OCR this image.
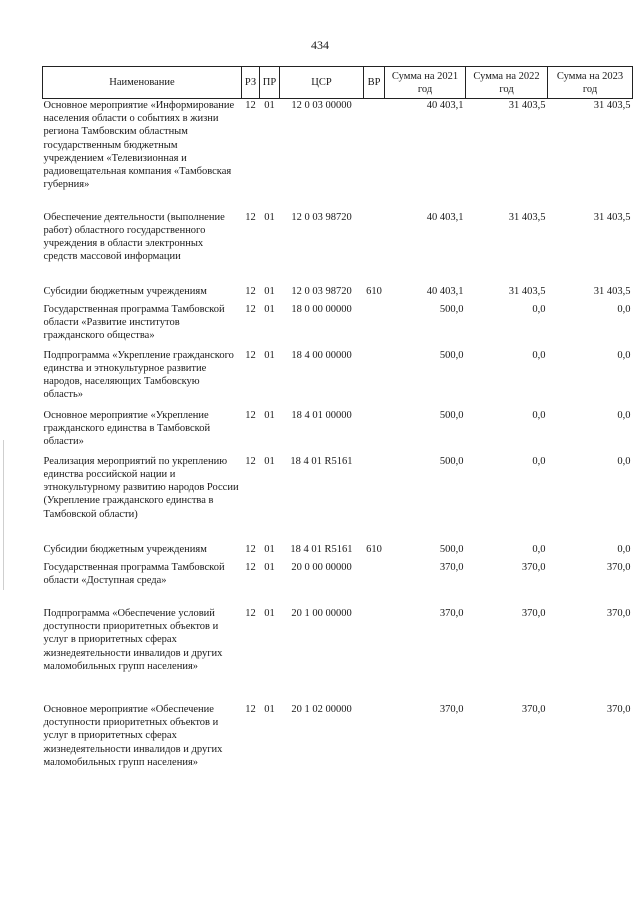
434
Наименование	РЗ	ПР	ЦСР	ВР	Сумма на 2021 год	Сумма на 2022 год	Сумма на 2023 год
Основное мероприятие «Информирование населения области о событиях в жизни региона Тамбовским областным государственным бюджетным учреждением «Телевизионная и радиовещательная компания «Тамбовская губерния»	12	01	12 0 03 00000		40 403,1	31 403,5	31 403,5
Обеспечение деятельности (выполнение работ) областного государственного учреждения в области электронных средств массовой информации	12	01	12 0 03 98720		40 403,1	31 403,5	31 403,5
Субсидии бюджетным учреждениям	12	01	12 0 03 98720	610	40 403,1	31 403,5	31 403,5
Государственная программа Тамбовской области «Развитие институтов гражданского общества»	12	01	18 0 00 00000		500,0	0,0	0,0
Подпрограмма «Укрепление гражданского единства и этнокультурное развитие народов, населяющих Тамбовскую область»	12	01	18 4 00 00000		500,0	0,0	0,0
Основное мероприятие «Укрепление гражданского единства в Тамбовской области»	12	01	18 4 01 00000		500,0	0,0	0,0
Реализация мероприятий по укреплению единства российской нации и этнокультурному развитию народов России (Укрепление гражданского единства в Тамбовской области)	12	01	18 4 01 R5161		500,0	0,0	0,0
Субсидии бюджетным учреждениям	12	01	18 4 01 R5161	610	500,0	0,0	0,0
Государственная программа Тамбовской области «Доступная среда»	12	01	20 0 00 00000		370,0	370,0	370,0
Подпрограмма «Обеспечение условий доступности приоритетных объектов и услуг в приоритетных сферах жизнедеятельности инвалидов и других маломобильных групп населения»	12	01	20 1 00 00000		370,0	370,0	370,0
Основное мероприятие «Обеспечение доступности приоритетных объектов и услуг в приоритетных сферах жизнедеятельности инвалидов и других маломобильных групп населения»	12	01	20 1 02 00000		370,0	370,0	370,0
